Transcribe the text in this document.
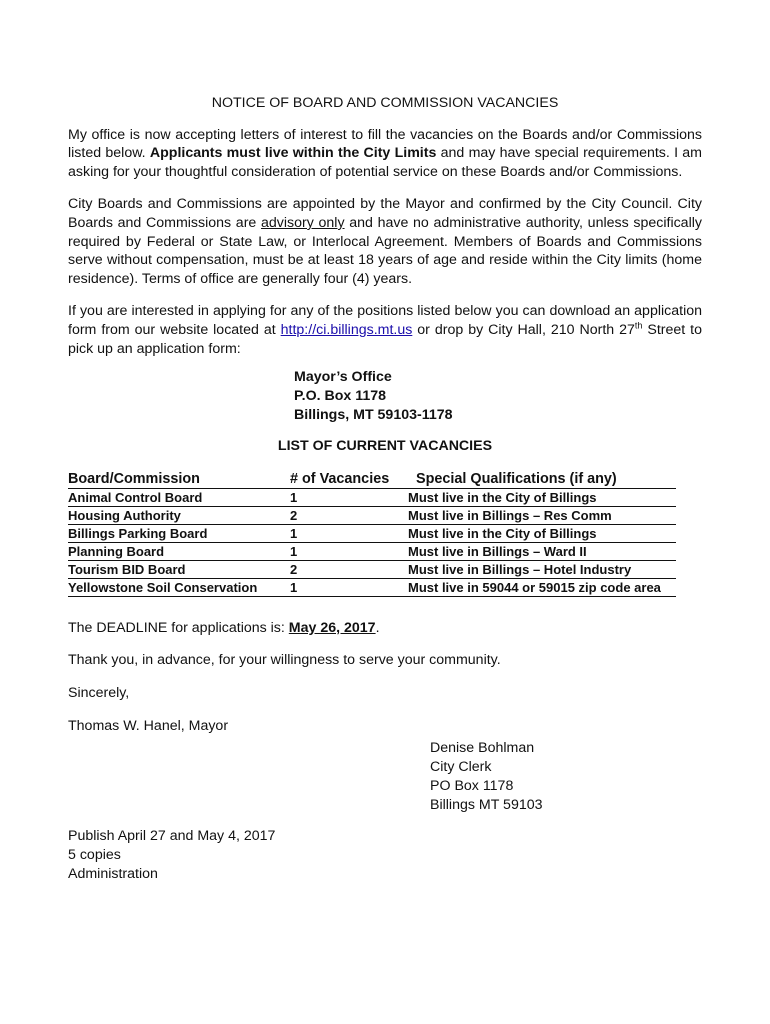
NOTICE OF BOARD AND COMMISSION VACANCIES

My office is now accepting letters of interest to fill the vacancies on the Boards and/or Commissions listed below. Applicants must live within the City Limits and may have special requirements. I am asking for your thoughtful consideration of potential service on these Boards and/or Commissions.

City Boards and Commissions are appointed by the Mayor and confirmed by the City Council. City Boards and Commissions are advisory only and have no administrative authority, unless specifically required by Federal or State Law, or Interlocal Agreement. Members of Boards and Commissions serve without compensation, must be at least 18 years of age and reside within the City limits (home residence). Terms of office are generally four (4) years.

If you are interested in applying for any of the positions listed below you can download an application form from our website located at http://ci.billings.mt.us or drop by City Hall, 210 North 27th Street to pick up an application form:

Mayor’s Office
P.O. Box 1178
Billings, MT 59103-1178
LIST OF CURRENT VACANCIES
Board/Commission	# of Vacancies	Special Qualifications (if any)
Animal Control Board	1	Must live in the City of Billings
Housing Authority	2	Must live in Billings – Res Comm
Billings Parking Board	1	Must live in the City of Billings
Planning Board	1	Must live in Billings – Ward II
Tourism BID Board	2	Must live in Billings – Hotel Industry
Yellowstone Soil Conservation	1	Must live in 59044 or 59015 zip code area

The DEADLINE for applications is: May 26, 2017.

Thank you, in advance, for your willingness to serve your community.

Sincerely,

Thomas W. Hanel, Mayor
Denise Bohlman
City Clerk
PO Box 1178
Billings MT 59103
Publish April 27 and May 4, 2017
5 copies
Administration
